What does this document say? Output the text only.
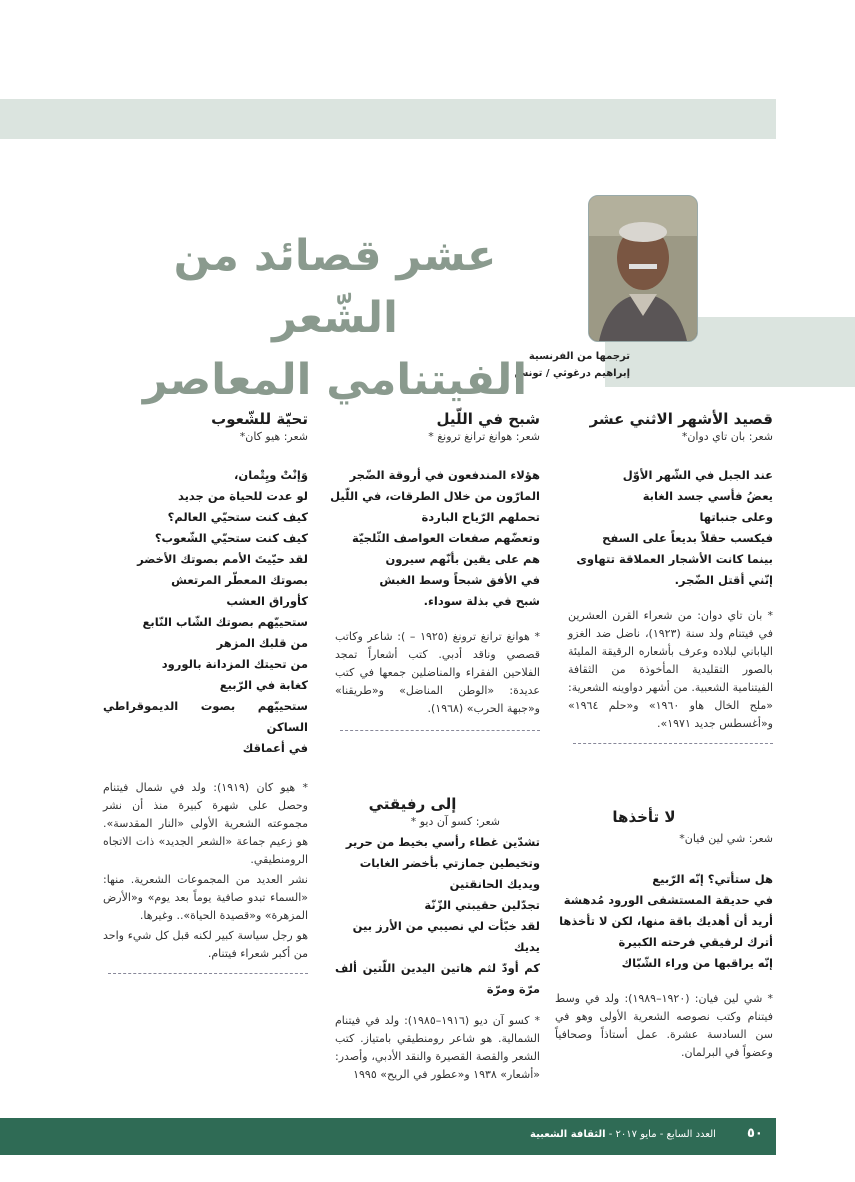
ترجمها من الفرنسية
إبراهيم درغوثي / تونس
عشر قصائد من الشّعر
الفيتنامي المعاصر
قصيد الأشهر الاثني عشر

شعر: بان تاي دوان*

عند الجبل في الشّهر الأوّل
يعضُ فأسي جسد الغابة
وعلى جنباتها
فيكسب حقلاً بديعاً على السفح
بينما كانت الأشجار العملاقة تتهاوى
إنّني أقتل الضّجر.

* بان تاي دوان: من شعراء القرن العشرين في فيتنام ولد سنة (١٩٢٣)، ناضل ضد الغزو الياباني لبلاده وعرف بأشعاره الرقيقة المليئة بالصور التقليدية المأخوذة من الثقافة الفيتنامية الشعبية. من أشهر دواوينه الشعرية: «ملح الخال هاو ١٩٦٠» و«حلم ١٩٦٤» و«أغسطس جديد ١٩٧١».

شبح في اللّيل

شعر: هوانغ ترانغ ترونغ *

هؤلاء المندفعون في أروقة الضّجر
المارّون من خلال الطرقات، في اللّيل
تحملهم الرّياح الباردة
وتعضّهم صفعات العواصف الثّلجيّة
هم على يقين بأنّهم سيرون
في الأفق شبحاً وسط الغبش
شبح في بذلة سوداء.

* هوانغ ترانغ ترونغ (١٩٢٥ – ): شاعر وكاتب قصصي وناقد أدبي. كتب أشعاراً تمجد الفلاحين الفقراء والمناضلين جمعها في كتب عديدة: «الوطن المناضل» و«طريقنا» و«جبهة الحرب» (١٩٦٨).

تحيّة للشّعوب

شعر: هيو كان*

وَإنْتْ ويِتْمان،
لو عدت للحياة من جديد
كيف كنت ستحيّي العالم؟
كيف كنت ستحيّي الشّعوب؟
لقد حيّيتَ الأمم بصوتك الأخضر
بصوتك المعطّر المرتعش
كأوراق العشب
ستحييّهم بصوتك الشّاب النّابع
من قلبك المزهر
من تحيتك المزدانة بالورود
كغابة في الرّبيع
ستحييّهم بصوت الديموقراطي الساكن
في أعماقك

* هيو كان (١٩١٩): ولد في شمال فيتنام وحصل على شهرة كبيرة منذ أن نشر مجموعته الشعرية الأولى «النار المقدسة». هو زعيم جماعة «الشعر الجديد» ذات الاتجاه الرومنطيقي.

نشر العديد من المجموعات الشعرية. منها: «السماء تبدو صافية يوماً بعد يوم» و«الأرض المزهرة» و«قصيدة الحياة».. وغيرها.

هو رجل سياسة كبير لكنه قبل كل شيء واحد من أكبر شعراء فيتنام.

لا تأخذها

شعر: شي لين فيان*

هل ستأتي؟ إنّه الرّبيع
في حديقة المستشفى الورود مُدهشة
أريد أن أهديك باقة منها، لكن لا تأخذها
أترك لرفيقي فرحته الكبيرة
إنّه يراقبها من وراء الشّبّاك

* شي لين فيان: (١٩٢٠–١٩٨٩): ولد في وسط فيتنام وكتب نصوصه الشعرية الأولى وهو في سن السادسة عشرة. عمل أستاذاً وصحافياً وعضواً في البرلمان.

إلى رفيقتي

شعر: كسو آن ديو *

تشدّين غطاء رأسي بخيط من حرير
وتخيطين جمازتي بأخضر الغابات
ويديك الحانقتين
تجدّلين حقيبتي الزّنّة
لقد خبّأت لي نصيبي من الأرز بين يديك
كم أودّ لثم هاتين اليدين اللّتين ألف مرّة ومرّة

* كسو آن ديو (١٩١٦–١٩٨٥): ولد في فيتنام الشمالية. هو شاعر رومنطيقي بامتياز. كتب الشعر والقصة القصيرة والنقد الأدبي، وأصدر: «أشعار» ١٩٣٨ و«عطور في الريح» ١٩٩٥

٥٠
العدد السابع - مايو ٢٠١٧ - الثقافة الشعبية
